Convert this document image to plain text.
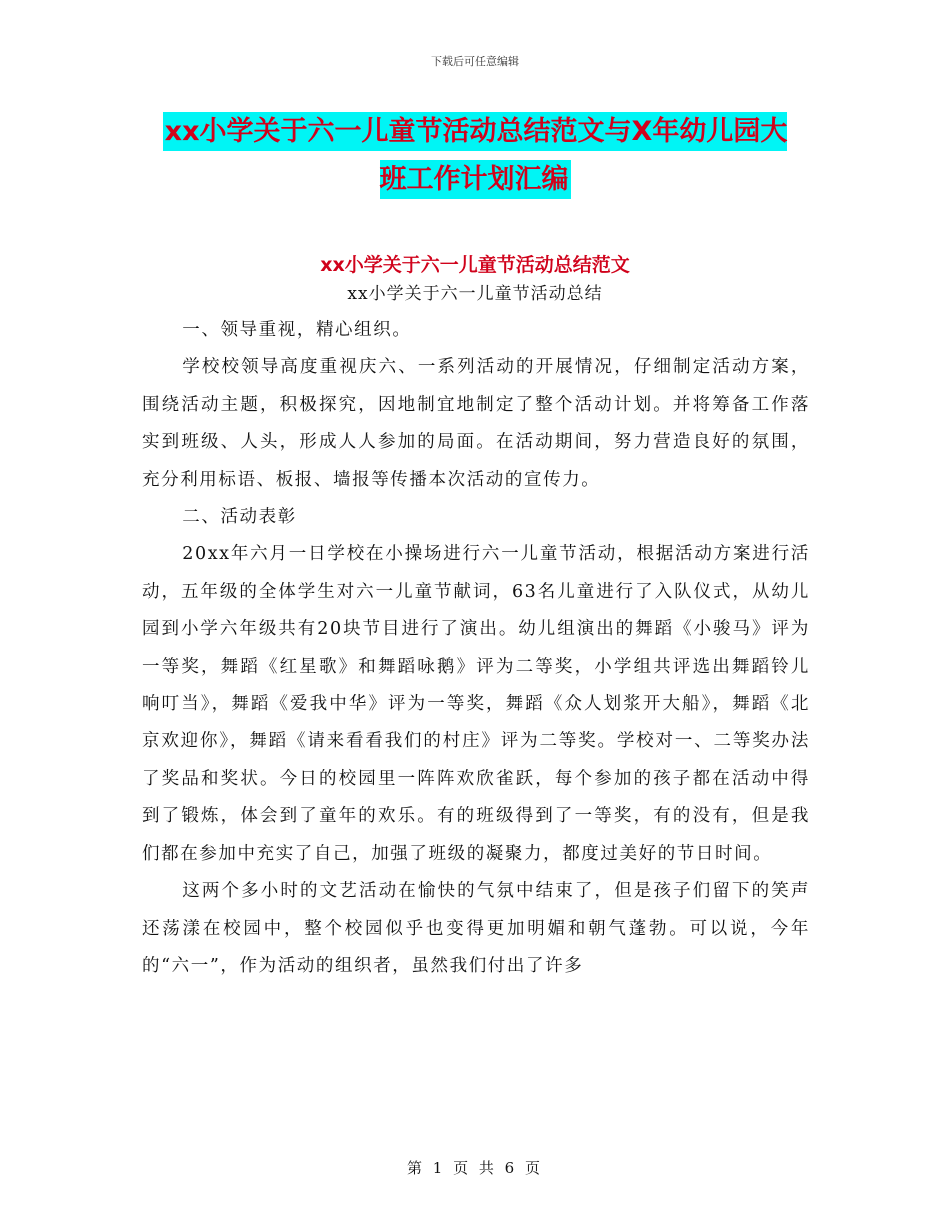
下载后可任意编辑
xx小学关于六一儿童节活动总结范文与X年幼儿园大班工作计划汇编
xx小学关于六一儿童节活动总结范文
xx小学关于六一儿童节活动总结

一、领导重视，精心组织。

学校校领导高度重视庆六、一系列活动的开展情况，仔细制定活动方案，围绕活动主题，积极探究，因地制宜地制定了整个活动计划。并将筹备工作落实到班级、人头，形成人人参加的局面。在活动期间，努力营造良好的氛围，充分利用标语、板报、墙报等传播本次活动的宣传力。

二、活动表彰

20xx年六月一日学校在小操场进行六一儿童节活动，根据活动方案进行活动，五年级的全体学生对六一儿童节献词，63名儿童进行了入队仪式，从幼儿园到小学六年级共有20块节目进行了演出。幼儿组演出的舞蹈《小骏马》评为一等奖，舞蹈《红星歌》和舞蹈咏鹅》评为二等奖，小学组共评选出舞蹈铃儿响叮当》，舞蹈《爱我中华》评为一等奖，舞蹈《众人划浆开大船》，舞蹈《北京欢迎你》，舞蹈《请来看看我们的村庄》评为二等奖。学校对一、二等奖办法了奖品和奖状。今日的校园里一阵阵欢欣雀跃，每个参加的孩子都在活动中得到了锻炼，体会到了童年的欢乐。有的班级得到了一等奖，有的没有，但是我们都在参加中充实了自己，加强了班级的凝聚力，都度过美好的节日时间。

这两个多小时的文艺活动在愉快的气氛中结束了，但是孩子们留下的笑声还荡漾在校园中，整个校园似乎也变得更加明媚和朝气蓬勃。可以说，今年的“六一”，作为活动的组织者，虽然我们付出了许多

第 1 页 共 6 页
